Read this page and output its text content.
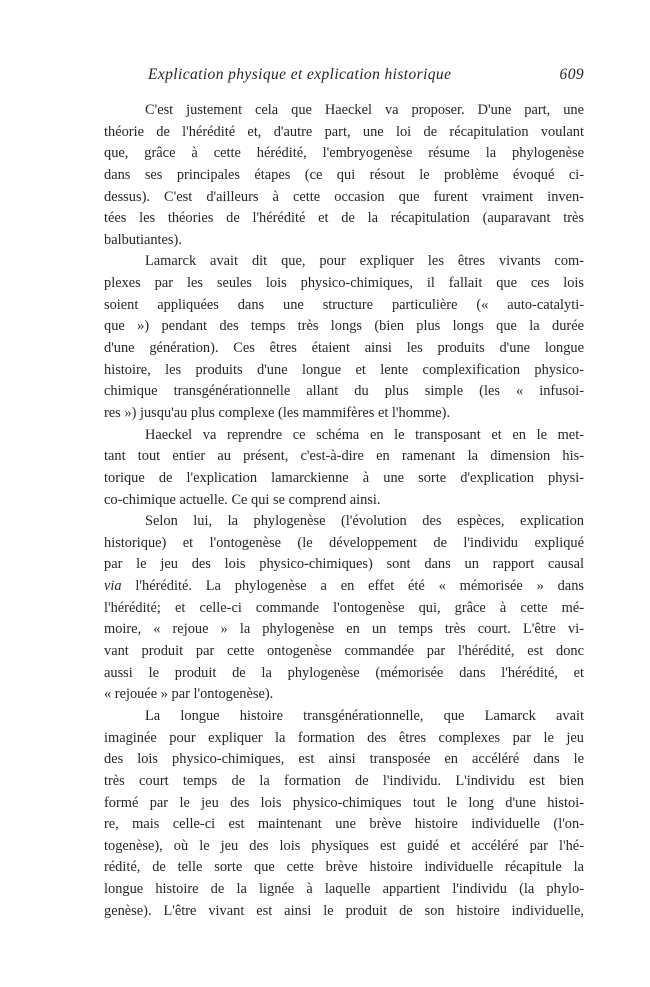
Explication physique et explication historique	609
C'est justement cela que Haeckel va proposer. D'une part, une
théorie de l'hérédité et, d'autre part, une loi de récapitulation voulant
que, grâce à cette hérédité, l'embryogenèse résume la phylogenèse
dans ses principales étapes (ce qui résout le problème évoqué ci-
dessus). C'est d'ailleurs à cette occasion que furent vraiment inven-
tées les théories de l'hérédité et de la récapitulation (auparavant très
balbutiantes).
Lamarck avait dit que, pour expliquer les êtres vivants com-
plexes par les seules lois physico-chimiques, il fallait que ces lois
soient appliquées dans une structure particulière (« auto-catalyti-
que ») pendant des temps très longs (bien plus longs que la durée
d'une génération). Ces êtres étaient ainsi les produits d'une longue
histoire, les produits d'une longue et lente complexification physico-
chimique transgénérationnelle allant du plus simple (les « infusoi-
res ») jusqu'au plus complexe (les mammifères et l'homme).
Haeckel va reprendre ce schéma en le transposant et en le met-
tant tout entier au présent, c'est-à-dire en ramenant la dimension his-
torique de l'explication lamarckienne à une sorte d'explication physi-
co-chimique actuelle. Ce qui se comprend ainsi.
Selon lui, la phylogenèse (l'évolution des espèces, explication
historique) et l'ontogenèse (le développement de l'individu expliqué
par le jeu des lois physico-chimiques) sont dans un rapport causal
via l'hérédité. La phylogenèse a en effet été « mémorisée » dans
l'hérédité; et celle-ci commande l'ontogenèse qui, grâce à cette mé-
moire, « rejoue » la phylogenèse en un temps très court. L'être vi-
vant produit par cette ontogenèse commandée par l'hérédité, est donc
aussi le produit de la phylogenèse (mémorisée dans l'hérédité, et
« rejouée » par l'ontogenèse).
La longue histoire transgénérationnelle, que Lamarck avait
imaginée pour expliquer la formation des êtres complexes par le jeu
des lois physico-chimiques, est ainsi transposée en accéléré dans le
très court temps de la formation de l'individu. L'individu est bien
formé par le jeu des lois physico-chimiques tout le long d'une histoi-
re, mais celle-ci est maintenant une brève histoire individuelle (l'on-
togenèse), où le jeu des lois physiques est guidé et accéléré par l'hé-
rédité, de telle sorte que cette brève histoire individuelle récapitule la
longue histoire de la lignée à laquelle appartient l'individu (la phylo-
genèse). L'être vivant est ainsi le produit de son histoire individuelle,
